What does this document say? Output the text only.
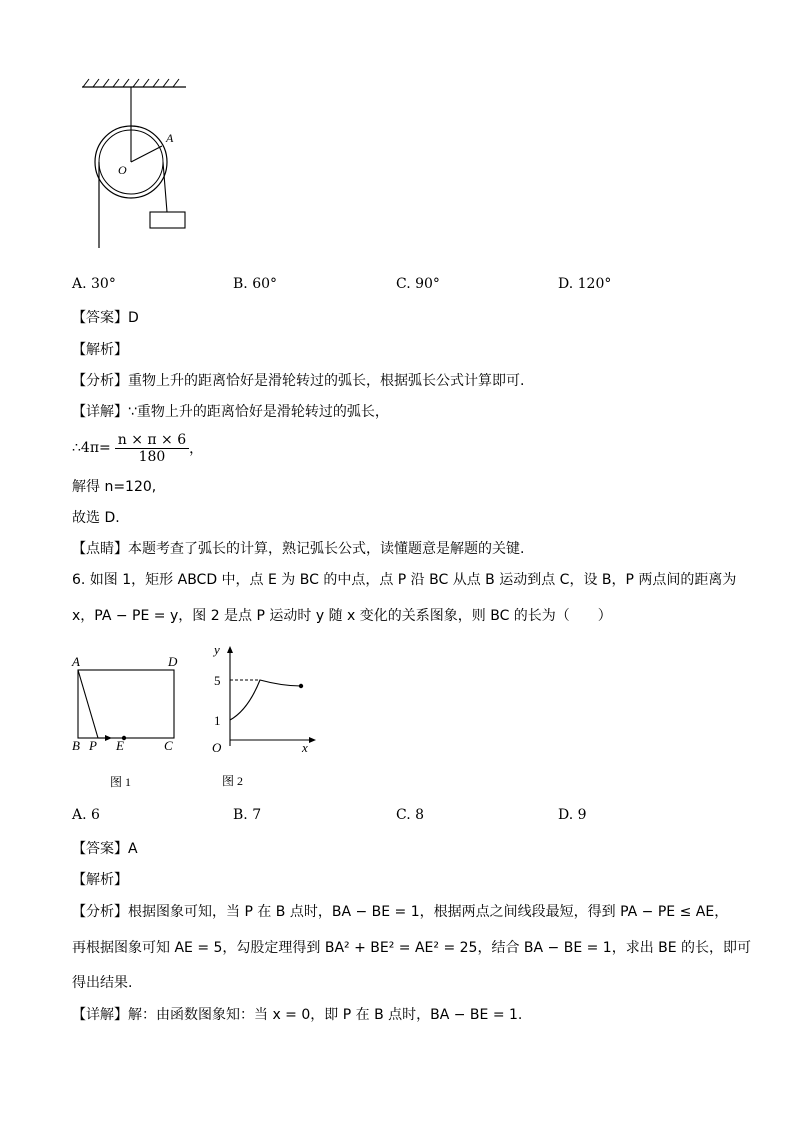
A
O
A. 30°	B. 60°	C. 90°	D. 120°
【答案】D
【解析】
【分析】重物上升的距离恰好是滑轮转过的弧长，根据弧长公式计算即可.
【详解】∵重物上升的距离恰好是滑轮转过的弧长，
∴4π= $\frac{n \times \pi \times 6}{180}$ ，
解得 n=120,
故选 D.
【点睛】本题考查了弧长的计算，熟记弧长公式，读懂题意是解题的关键.
6. 如图 1，矩形 ABCD 中，点 E 为 BC 的中点，点 P 沿 BC 从点 B 运动到点 C，设 B，P 两点间的距离为
x，PA − PE = y，图 2 是点 P 运动时 y 随 x 变化的关系图象，则 BC 的长为（　　）
A	D
B P E	C
图 1
y
x
O
5
1
图 2
A. 6	B. 7	C. 8	D. 9
【答案】A
【解析】
【分析】根据图象可知，当 P 在 B 点时，BA − BE = 1，根据两点之间线段最短，得到 PA − PE ≤ AE，
再根据图象可知 AE = 5，勾股定理得到 BA² + BE² = AE² = 25，结合 BA − BE = 1，求出 BE 的长，即可
得出结果.
【详解】解：由函数图象知：当 x = 0，即 P 在 B 点时，BA − BE = 1.
